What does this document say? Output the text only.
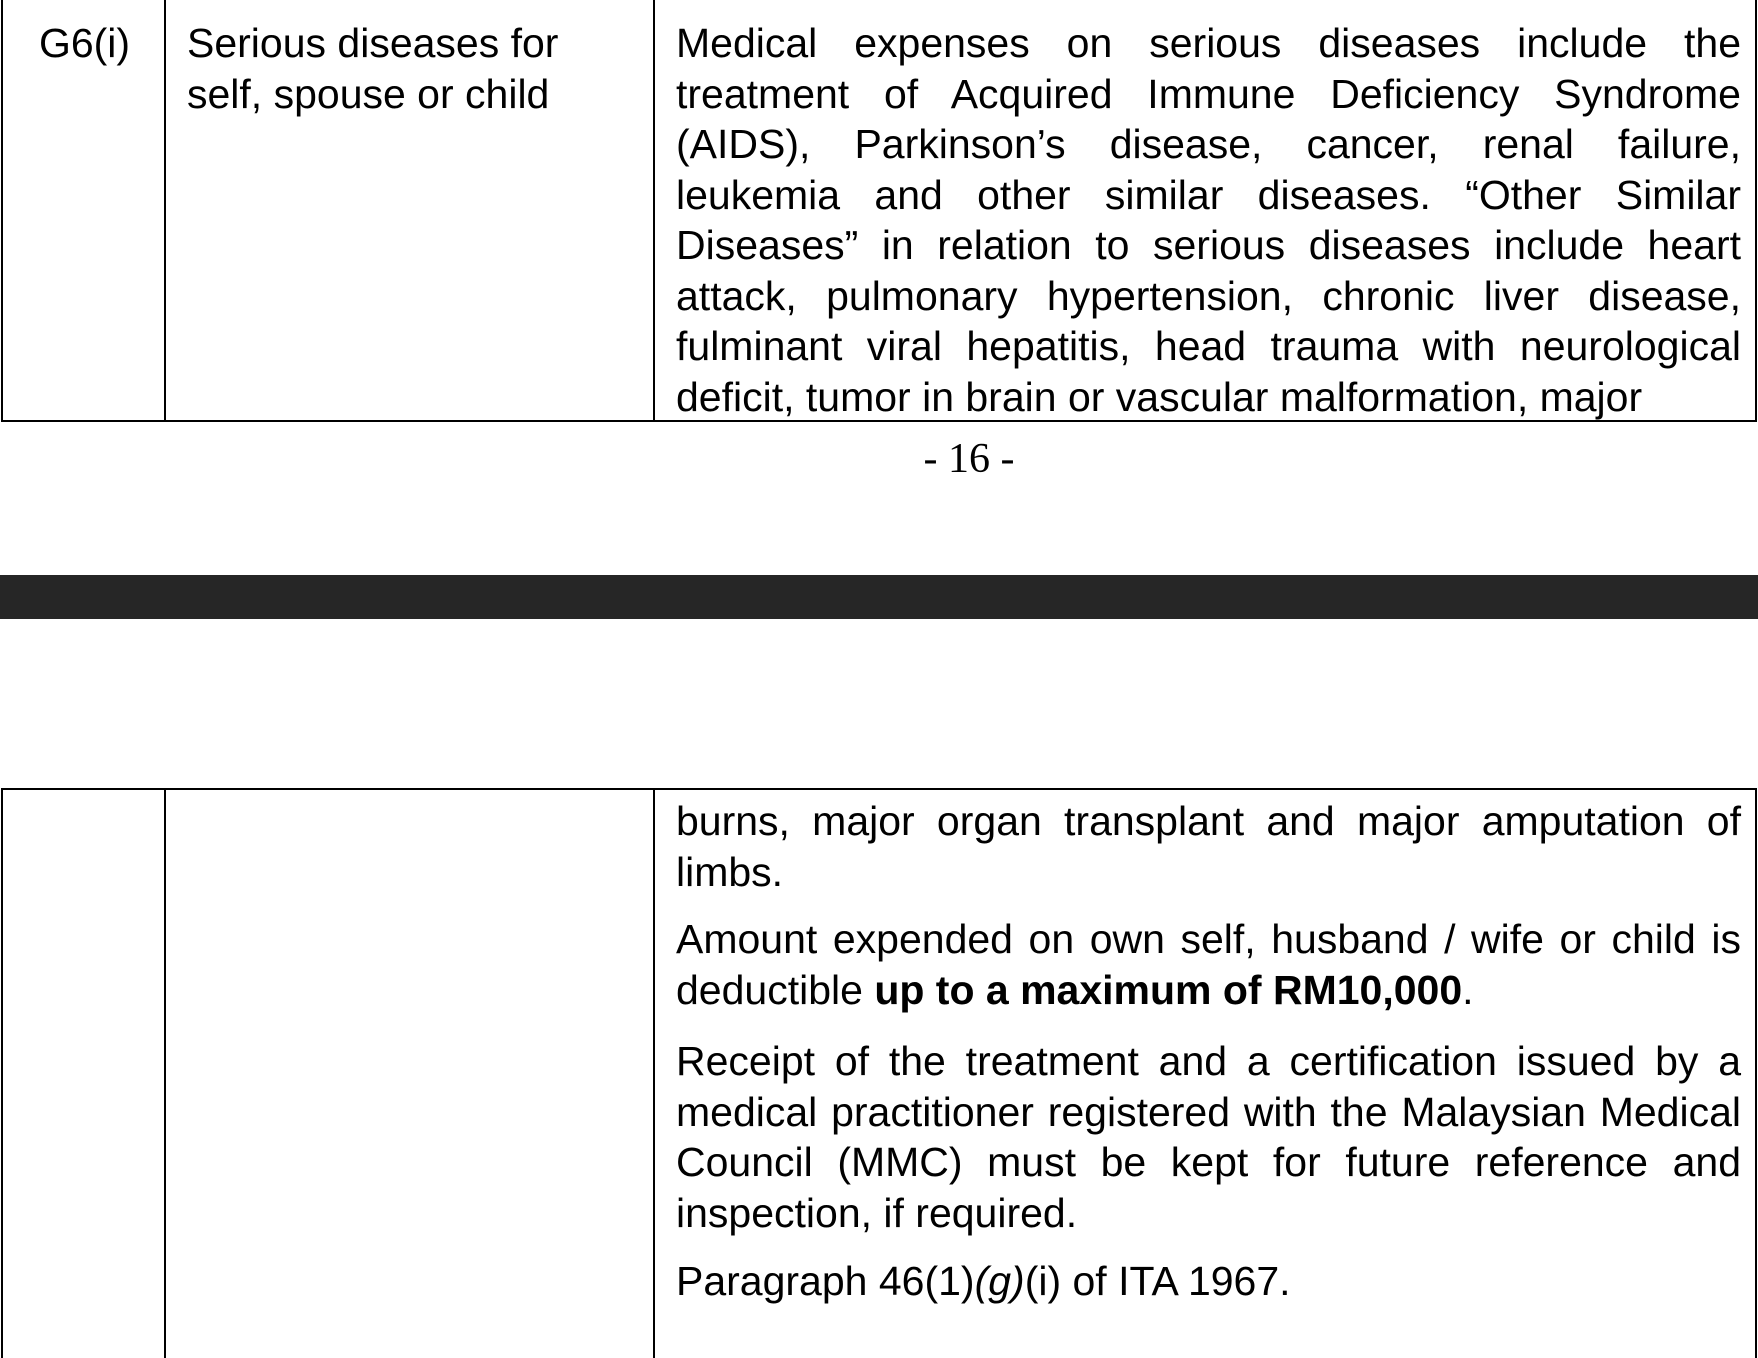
G6(i)	Serious diseases for self, spouse or child
Medical expenses on serious diseases include the treatment of Acquired Immune Deficiency Syndrome (AIDS), Parkinson’s disease, cancer, renal failure, leukemia and other similar diseases. “Other Similar Diseases” in relation to serious diseases include heart attack, pulmonary hypertension, chronic liver disease, fulminant viral hepatitis, head trauma with neurological deficit, tumor in brain or vascular malformation, major
- 16 -
burns, major organ transplant and major amputation of limbs.
Amount expended on own self, husband / wife or child is deductible up to a maximum of RM10,000.
Receipt of the treatment and a certification issued by a medical practitioner registered with the Malaysian Medical Council (MMC) must be kept for future reference and inspection, if required.
Paragraph 46(1)(g)(i) of ITA 1967.
